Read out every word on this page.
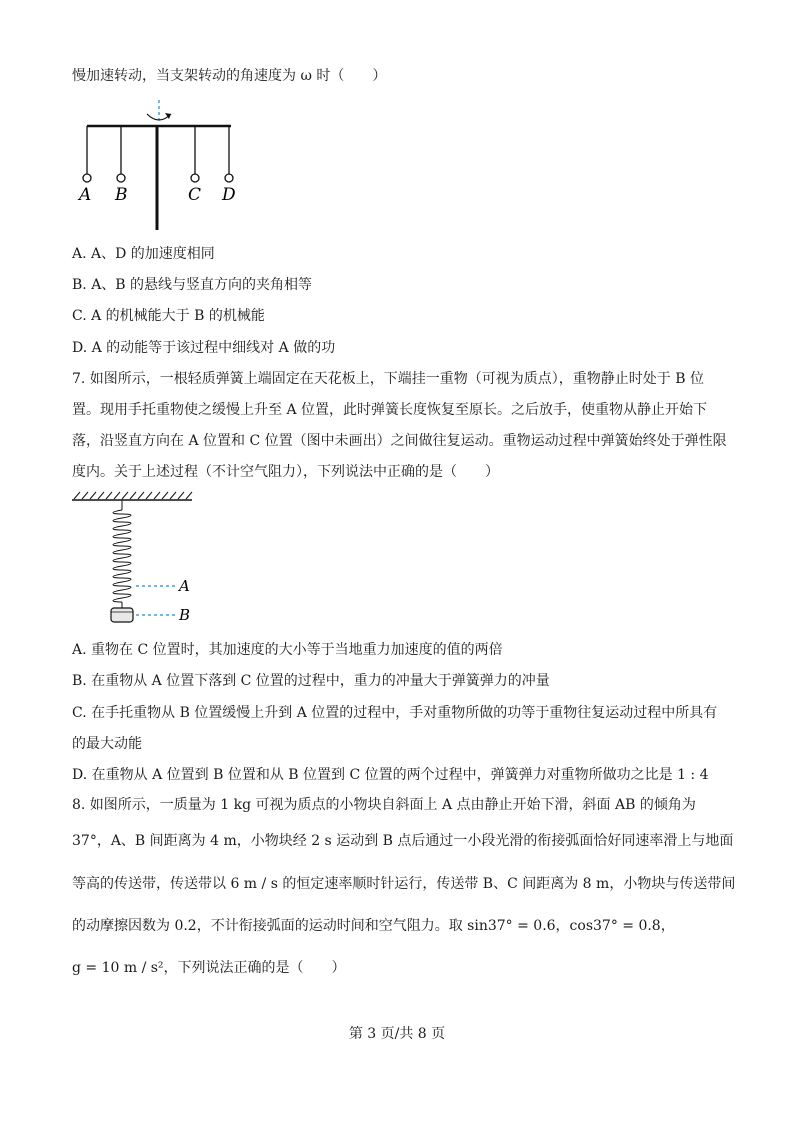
慢加速转动，当支架转动的角速度为 ω 时（　　）
A B	C D
A. A、D 的加速度相同
B. A、B 的悬线与竖直方向的夹角相等
C. A 的机械能大于 B 的机械能
D. A 的动能等于该过程中细线对 A 做的功
7. 如图所示，一根轻质弹簧上端固定在天花板上，下端挂一重物（可视为质点），重物静止时处于 B 位
置。现用手托重物使之缓慢上升至 A 位置，此时弹簧长度恢复至原长。之后放手，使重物从静止开始下
落，沿竖直方向在 A 位置和 C 位置（图中未画出）之间做往复运动。重物运动过程中弹簧始终处于弹性限
度内。关于上述过程（不计空气阻力），下列说法中正确的是（　　）
A
B
A. 重物在 C 位置时，其加速度的大小等于当地重力加速度的值的两倍
B. 在重物从 A 位置下落到 C 位置的过程中，重力的冲量大于弹簧弹力的冲量
C. 在手托重物从 B 位置缓慢上升到 A 位置的过程中，手对重物所做的功等于重物往复运动过程中所具有
的最大动能
D. 在重物从 A 位置到 B 位置和从 B 位置到 C 位置的两个过程中，弹簧弹力对重物所做功之比是 1 : 4
8. 如图所示，一质量为 1 kg 可视为质点的小物块自斜面上 A 点由静止开始下滑，斜面 AB 的倾角为
37°，A、B 间距离为 4 m，小物块经 2 s 运动到 B 点后通过一小段光滑的衔接弧面恰好同速率滑上与地面
等高的传送带，传送带以 6 m / s 的恒定速率顺时针运行，传送带 B、C 间距离为 8 m，小物块与传送带间
的动摩擦因数为 0.2，不计衔接弧面的运动时间和空气阻力。取 sin37° = 0.6，cos37° = 0.8，
g = 10 m / s²，下列说法正确的是（　　）
第 3 页/共 8 页
